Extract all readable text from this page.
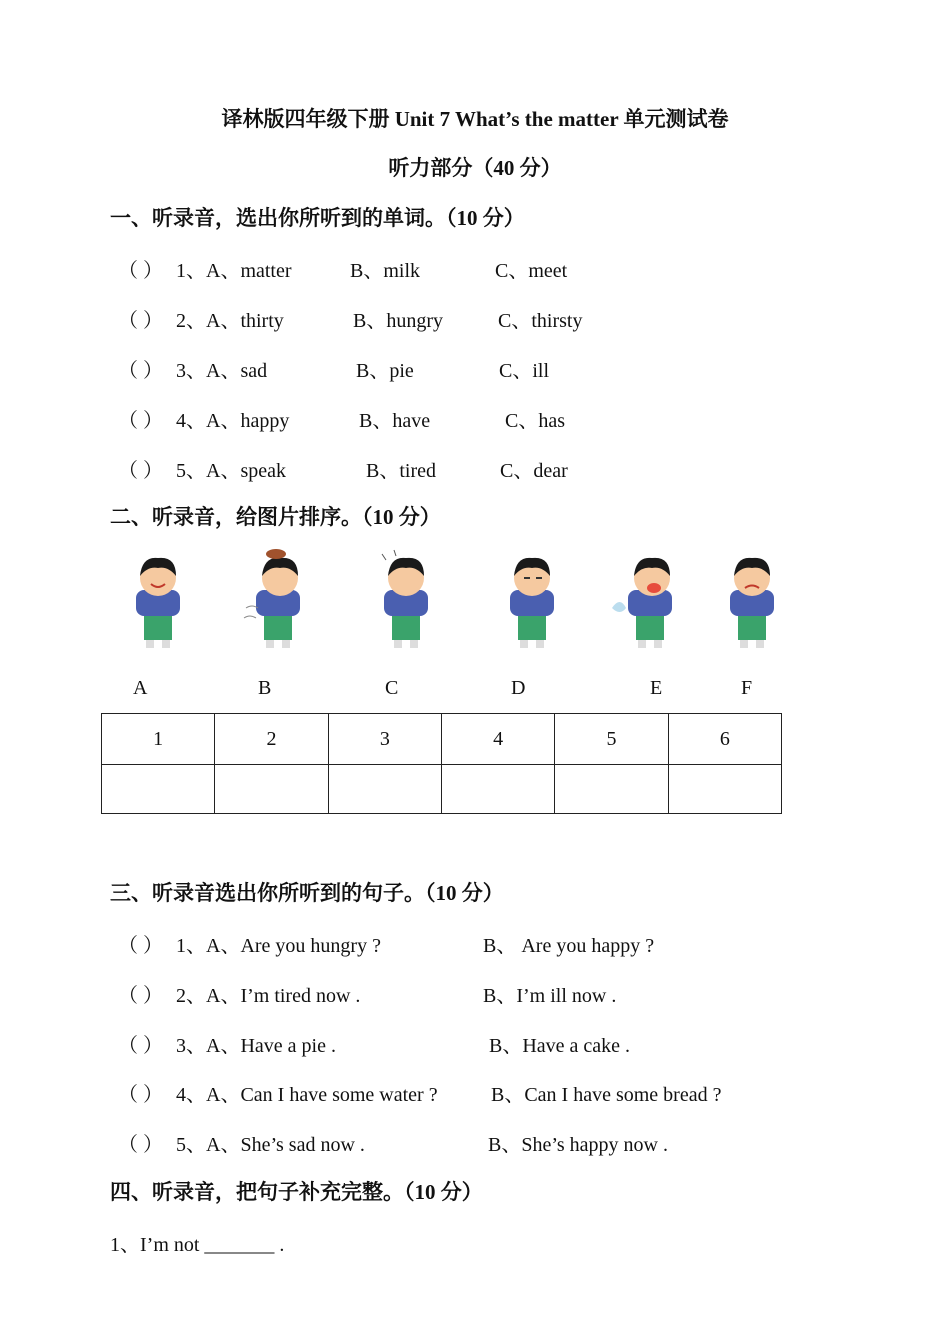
译林版四年级下册 Unit 7 What’s the matter 单元测试卷
听力部分（40 分）
一、听录音，选出你所听到的单词。（10 分）
（ ） 1、A、matter	B、milk	C、meet
（ ） 2、A、thirty	B、hungry	C、thirsty
（ ） 3、A、sad	B、pie	C、ill
（ ） 4、A、happy	B、have	C、has
（ ） 5、A、speak	B、tired	C、dear
二、听录音，给图片排序。（10 分）
A	B	C	D	E	F
1	2	3	4	5	6

三、听录音选出你所听到的句子。（10 分）
（ ） 1、A、Are you hungry ?	B、 Are you happy ?
（ ） 2、A、I’m tired now .	B、I’m ill now .
（ ） 3、A、Have a pie .	B、Have a cake .
（ ） 4、A、Can I have some water ?	B、Can I have some bread ?
（ ） 5、A、She’s sad now .	B、She’s happy now .
四、听录音，把句子补充完整。（10 分）
1、I’m not _______ .
